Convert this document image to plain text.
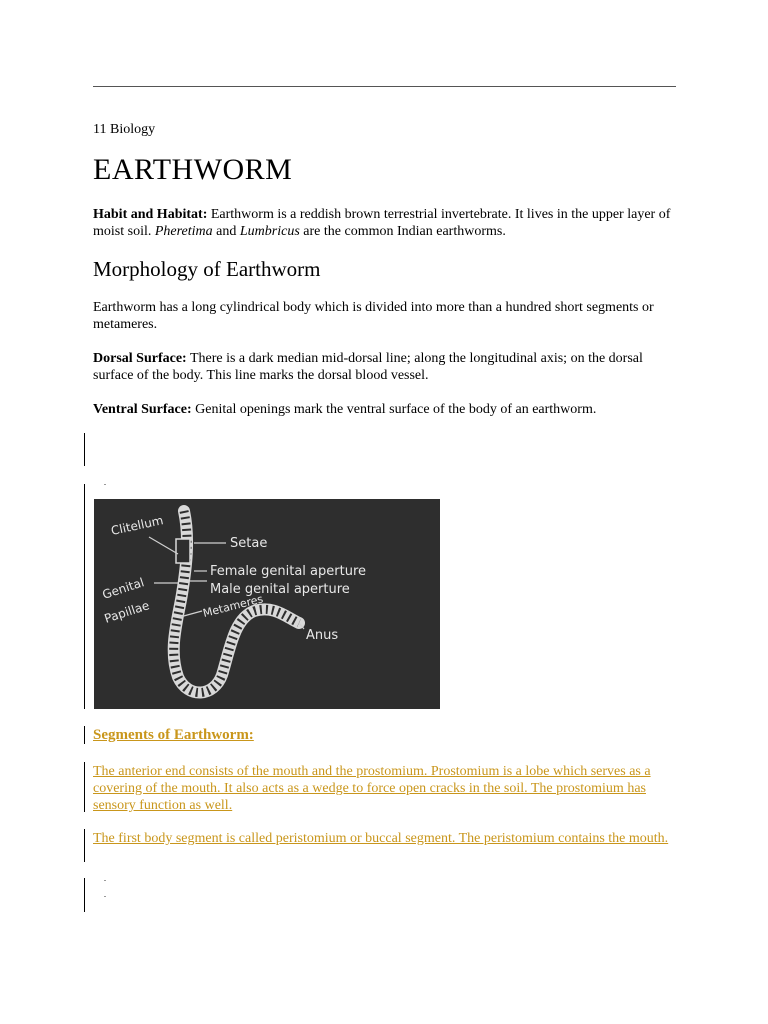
11 Biology
EARTHWORM
Habit and Habitat: Earthworm is a reddish brown terrestrial invertebrate. It lives in the upper layer of moist soil. Pheretima and Lumbricus are the common Indian earthworms.
Morphology of Earthworm
Earthworm has a long cylindrical body which is divided into more than a hundred short segments or metameres.
Dorsal Surface: There is a dark median mid-dorsal line; along the longitudinal axis; on the dorsal surface of the body. This line marks the dorsal blood vessel.
Ventral Surface: Genital openings mark the ventral surface of the body of an earthworm.
Clitellum
Setae
Female genital aperture
Male genital aperture
Genital
Papillae	Metameres
Anus
Segments of Earthworm:
The anterior end consists of the mouth and the prostomium. Prostomium is a lobe which serves as a covering of the mouth. It also acts as a wedge to force open cracks in the soil. The prostomium has sensory function as well.
The first body segment is called peristomium or buccal segment. The peristomium contains the mouth.
